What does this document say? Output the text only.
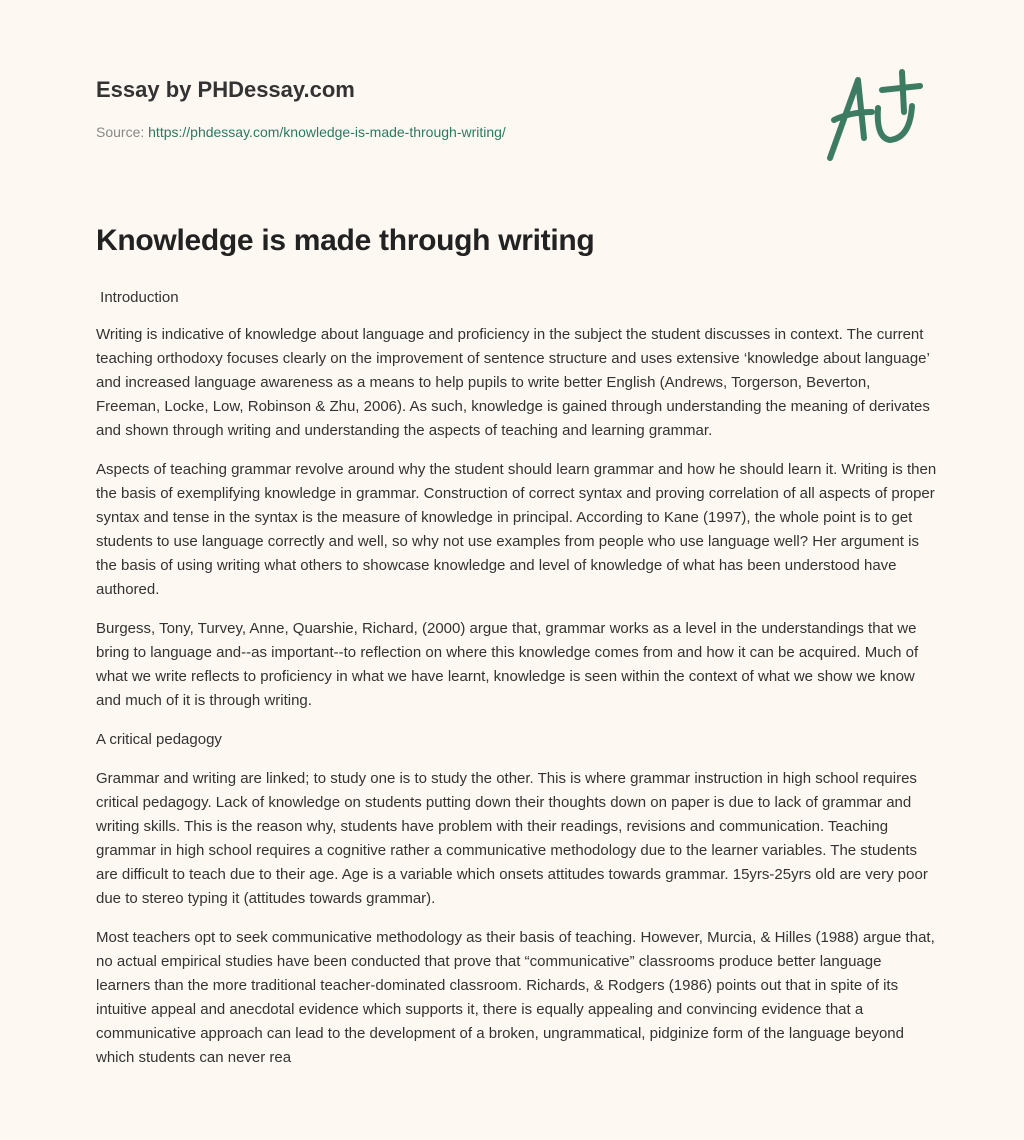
Essay by PHDessay.com
Source: https://phdessay.com/knowledge-is-made-through-writing/
Knowledge is made through writing

Introduction

Writing is indicative of knowledge about language and proficiency in the subject the student discusses in context. The current teaching orthodoxy focuses clearly on the improvement of sentence structure and uses extensive ‘knowledge about language’ and increased language awareness as a means to help pupils to write better English (Andrews, Torgerson, Beverton, Freeman, Locke, Low, Robinson & Zhu, 2006). As such, knowledge is gained through understanding the meaning of derivates and shown through writing and understanding the aspects of teaching and learning grammar.

Aspects of teaching grammar revolve around why the student should learn grammar and how he should learn it. Writing is then the basis of exemplifying knowledge in grammar. Construction of correct syntax and proving correlation of all aspects of proper syntax and tense in the syntax is the measure of knowledge in principal. According to Kane (1997), the whole point is to get students to use language correctly and well, so why not use examples from people who use language well? Her argument is the basis of using writing what others to showcase knowledge and level of knowledge of what has been understood have authored.

Burgess, Tony, Turvey, Anne, Quarshie, Richard, (2000) argue that, grammar works as a level in the understandings that we bring to language and--as important--to reflection on where this knowledge comes from and how it can be acquired. Much of what we write reflects to proficiency in what we have learnt, knowledge is seen within the context of what we show we know and much of it is through writing.

A critical pedagogy

Grammar and writing are linked; to study one is to study the other. This is where grammar instruction in high school requires critical pedagogy. Lack of knowledge on students putting down their thoughts down on paper is due to lack of grammar and writing skills. This is the reason why, students have problem with their readings, revisions and communication. Teaching grammar in high school requires a cognitive rather a communicative methodology due to the learner variables. The students are difficult to teach due to their age. Age is a variable which onsets attitudes towards grammar. 15yrs-25yrs old are very poor due to stereo typing it (attitudes towards grammar).

Most teachers opt to seek communicative methodology as their basis of teaching. However, Murcia, & Hilles (1988) argue that, no actual empirical studies have been conducted that prove that “communicative” classrooms produce better language learners than the more traditional teacher-dominated classroom. Richards, & Rodgers (1986) points out that in spite of its intuitive appeal and anecdotal evidence which supports it, there is equally appealing and convincing evidence that a communicative approach can lead to the development of a broken, ungrammatical, pidginize form of the language beyond which students can never rea
